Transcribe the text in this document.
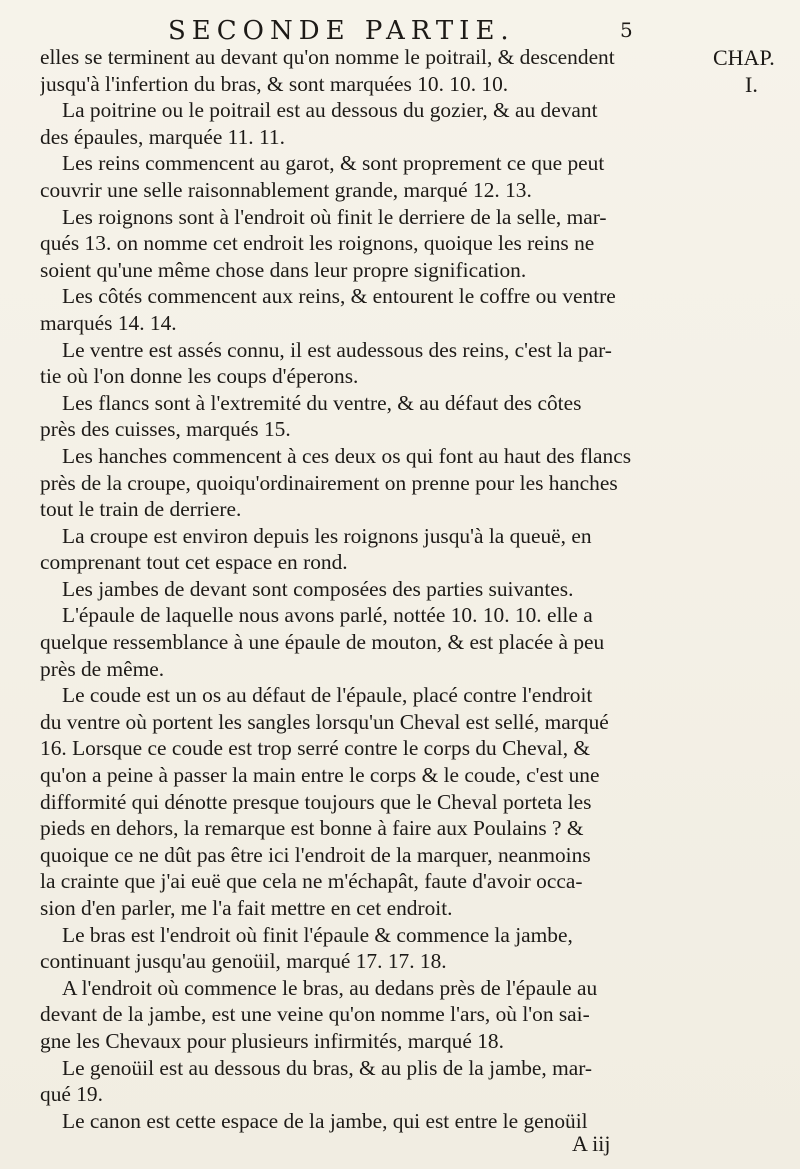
SECONDE PARTIE.	5
CHAP.
I.
elles se terminent au devant qu'on nomme le poitrail, & descendent
jusqu'à l'infertion du bras, & sont marquées 10. 10. 10.
La poitrine ou le poitrail est au dessous du gozier, & au devant
des épaules, marquée 11. 11.
Les reins commencent au garot, & sont proprement ce que peut
couvrir une selle raisonnablement grande, marqué 12. 13.
Les roignons sont à l'endroit où finit le derriere de la selle, mar-
qués 13. on nomme cet endroit les roignons, quoique les reins ne
soient qu'une même chose dans leur propre signification.
Les côtés commencent aux reins, & entourent le coffre ou ventre
marqués 14. 14.
Le ventre est assés connu, il est audessous des reins, c'est la par-
tie où l'on donne les coups d'éperons.
Les flancs sont à l'extremité du ventre, & au défaut des côtes
près des cuisses, marqués 15.
Les hanches commencent à ces deux os qui font au haut des flancs
près de la croupe, quoiqu'ordinairement on prenne pour les hanches
tout le train de derriere.
La croupe est environ depuis les roignons jusqu'à la queuë, en
comprenant tout cet espace en rond.
Les jambes de devant sont composées des parties suivantes.
L'épaule de laquelle nous avons parlé, nottée 10. 10. 10. elle a
quelque ressemblance à une épaule de mouton, & est placée à peu
près de même.
Le coude est un os au défaut de l'épaule, placé contre l'endroit
du ventre où portent les sangles lorsqu'un Cheval est sellé, marqué
16. Lorsque ce coude est trop serré contre le corps du Cheval, &
qu'on a peine à passer la main entre le corps & le coude, c'est une
difformité qui dénotte presque toujours que le Cheval porteta les
pieds en dehors, la remarque est bonne à faire aux Poulains ? &
quoique ce ne dût pas être ici l'endroit de la marquer, neanmoins
la crainte que j'ai euë que cela ne m'échapât, faute d'avoir occa-
sion d'en parler, me l'a fait mettre en cet endroit.
Le bras est l'endroit où finit l'épaule & commence la jambe,
continuant jusqu'au genoüil, marqué 17. 17. 18.
A l'endroit où commence le bras, au dedans près de l'épaule au
devant de la jambe, est une veine qu'on nomme l'ars, où l'on sai-
gne les Chevaux pour plusieurs infirmités, marqué 18.
Le genoüil est au dessous du bras, & au plis de la jambe, mar-
qué 19.
Le canon est cette espace de la jambe, qui est entre le genoüil
A iij
